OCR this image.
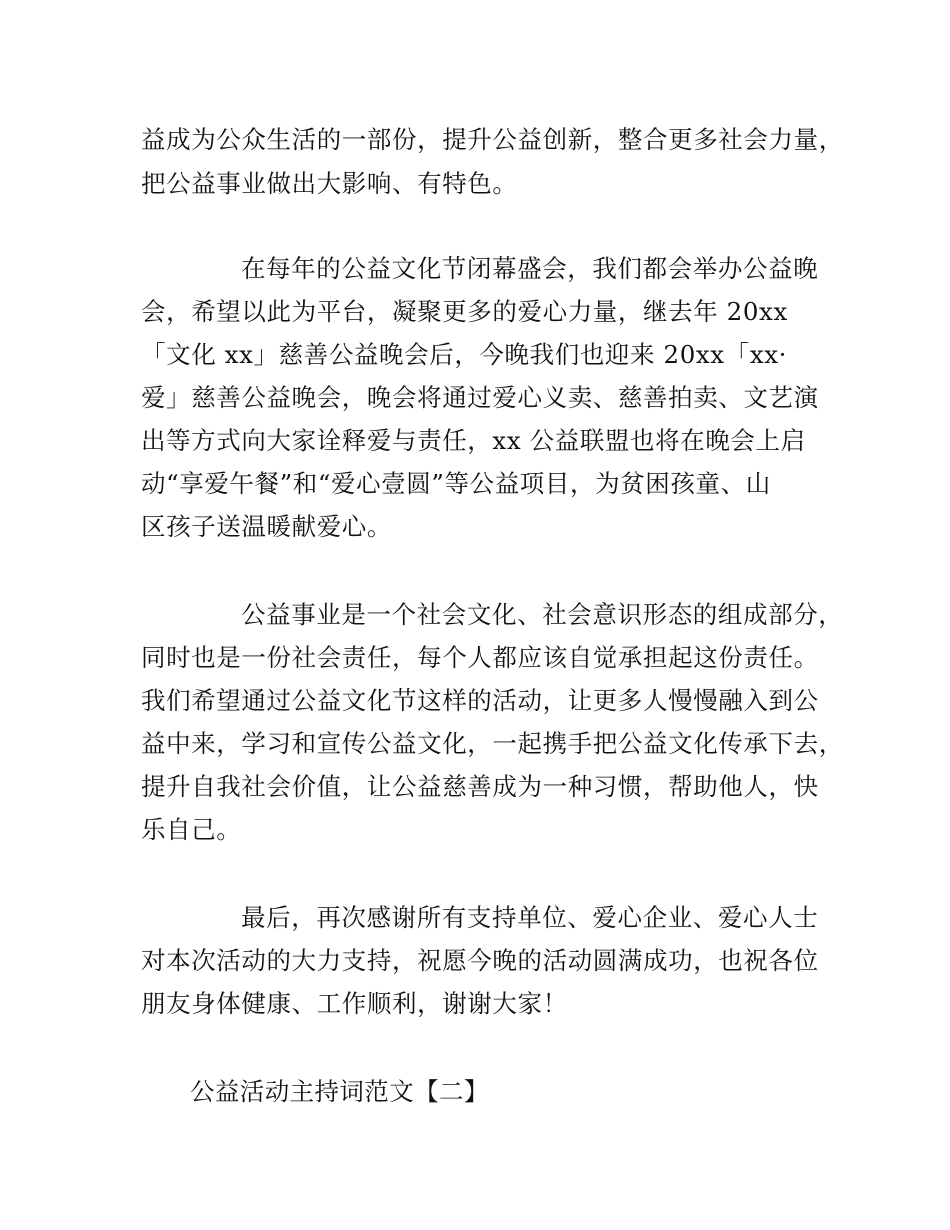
益成为公众生活的一部份，提升公益创新，整合更多社会力量，
把公益事业做出大影响、有特色。
在每年的公益文化节闭幕盛会，我们都会举办公益晚
会，希望以此为平台，凝聚更多的爱心力量，继去年 20xx
「文化 xx」慈善公益晚会后，今晚我们也迎来 20xx「xx·
爱」慈善公益晚会，晚会将通过爱心义卖、慈善拍卖、文艺演
出等方式向大家诠释爱与责任，xx 公益联盟也将在晚会上启
动“享爱午餐”和“爱心壹圆”等公益项目，为贫困孩童、山
区孩子送温暖献爱心。
公益事业是一个社会文化、社会意识形态的组成部分，
同时也是一份社会责任，每个人都应该自觉承担起这份责任。
我们希望通过公益文化节这样的活动，让更多人慢慢融入到公
益中来，学习和宣传公益文化，一起携手把公益文化传承下去，
提升自我社会价值，让公益慈善成为一种习惯，帮助他人，快
乐自己。
最后，再次感谢所有支持单位、爱心企业、爱心人士
对本次活动的大力支持，祝愿今晚的活动圆满成功，也祝各位
朋友身体健康、工作顺利，谢谢大家！
公益活动主持词范文【二】
